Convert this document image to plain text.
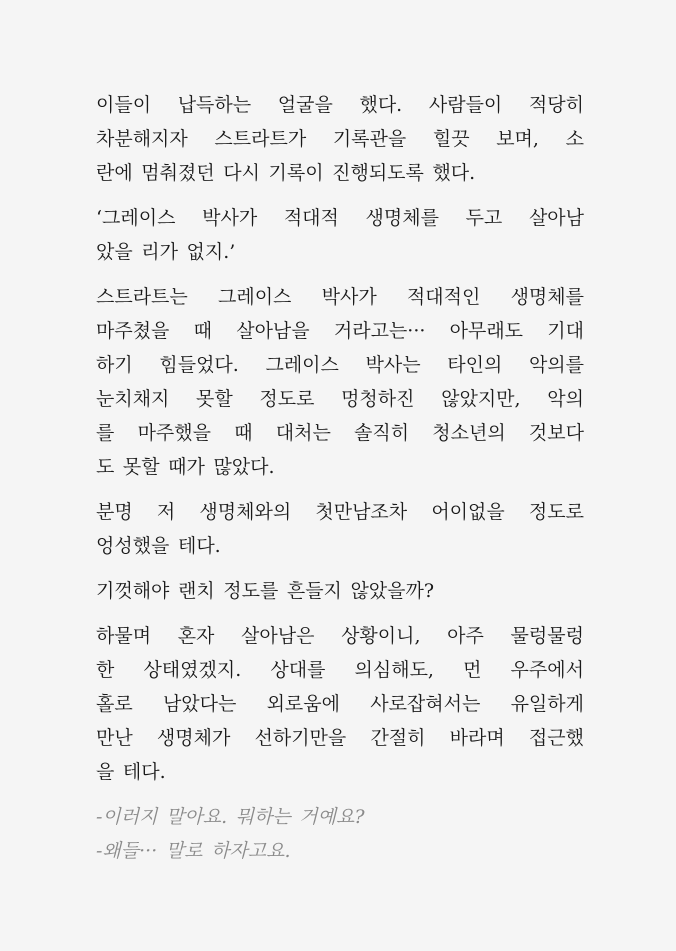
이들이 납득하는 얼굴을 했다. 사람들이 적당히
차분해지자 스트라트가 기록관을 힐끗 보며, 소
란에 멈춰졌던 다시 기록이 진행되도록 했다.
‘그레이스 박사가 적대적 생명체를 두고 살아남
았을 리가 없지.’
스트라트는 그레이스 박사가 적대적인 생명체를
마주쳤을 때 살아남을 거라고는··· 아무래도 기대
하기 힘들었다. 그레이스 박사는 타인의 악의를
눈치채지 못할 정도로 멍청하진 않았지만, 악의
를 마주했을 때 대처는 솔직히 청소년의 것보다
도 못할 때가 많았다.
분명 저 생명체와의 첫만남조차 어이없을 정도로
엉성했을 테다.
기껏해야 랜치 정도를 흔들지 않았을까?
하물며 혼자 살아남은 상황이니, 아주 물렁물렁
한 상태였겠지. 상대를 의심해도, 먼 우주에서
홀로 남았다는 외로움에 사로잡혀서는 유일하게
만난 생명체가 선하기만을 간절히 바라며 접근했
을 테다.
-이러지 말아요. 뭐하는 거예요?
-왜들··· 말로 하자고요.
